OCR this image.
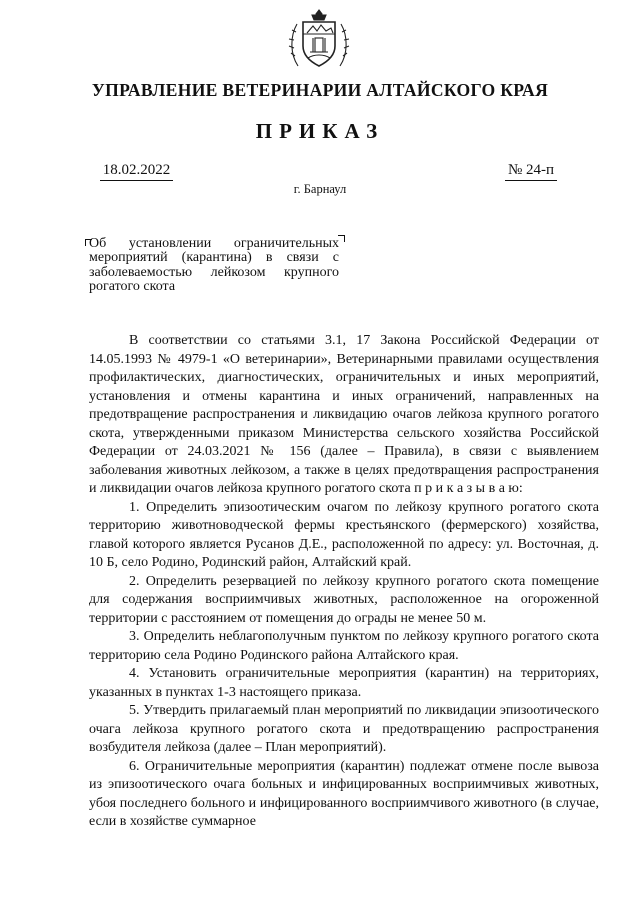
УПРАВЛЕНИЕ ВЕТЕРИНАРИИ АЛТАЙСКОГО КРАЯ
ПРИКАЗ
18.02.2022	№ 24-п
г. Барнаул
Об установлении ограничительных мероприятий (карантина) в связи с заболеваемостью лейкозом крупного рогатого скота

В соответствии со статьями 3.1, 17 Закона Российской Федерации от 14.05.1993 № 4979-1 «О ветеринарии», Ветеринарными правилами осуществления профилактических, диагностических, ограничительных и иных мероприятий, установления и отмены карантина и иных ограничений, направленных на предотвращение распространения и ликвидацию очагов лейкоза крупного рогатого скота, утвержденными приказом Министерства сельского хозяйства Российской Федерации от 24.03.2021 № 156 (далее – Правила), в связи с выявлением заболевания животных лейкозом, а также в целях предотвращения распространения и ликвидации очагов лейкоза крупного рогатого скота п р и к а з ы в а ю:

1. Определить эпизоотическим очагом по лейкозу крупного рогатого скота территорию животноводческой фермы крестьянского (фермерского) хозяйства, главой которого является Русанов Д.Е., расположенной по адресу: ул. Восточная, д. 10 Б, село Родино, Родинский район, Алтайский край.

2. Определить резервацией по лейкозу крупного рогатого скота помещение для содержания восприимчивых животных, расположенное на огороженной территории с расстоянием от помещения до ограды не менее 50 м.

3. Определить неблагополучным пунктом по лейкозу крупного рогатого скота территорию села Родино Родинского района Алтайского края.

4. Установить ограничительные мероприятия (карантин) на территориях, указанных в пунктах 1-3 настоящего приказа.

5. Утвердить прилагаемый план мероприятий по ликвидации эпизоотического очага лейкоза крупного рогатого скота и предотвращению распространения возбудителя лейкоза (далее – План мероприятий).

6. Ограничительные мероприятия (карантин) подлежат отмене после вывоза из эпизоотического очага больных и инфицированных восприимчивых животных, убоя последнего больного и инфицированного восприимчивого животного (в случае, если в хозяйстве суммарное
